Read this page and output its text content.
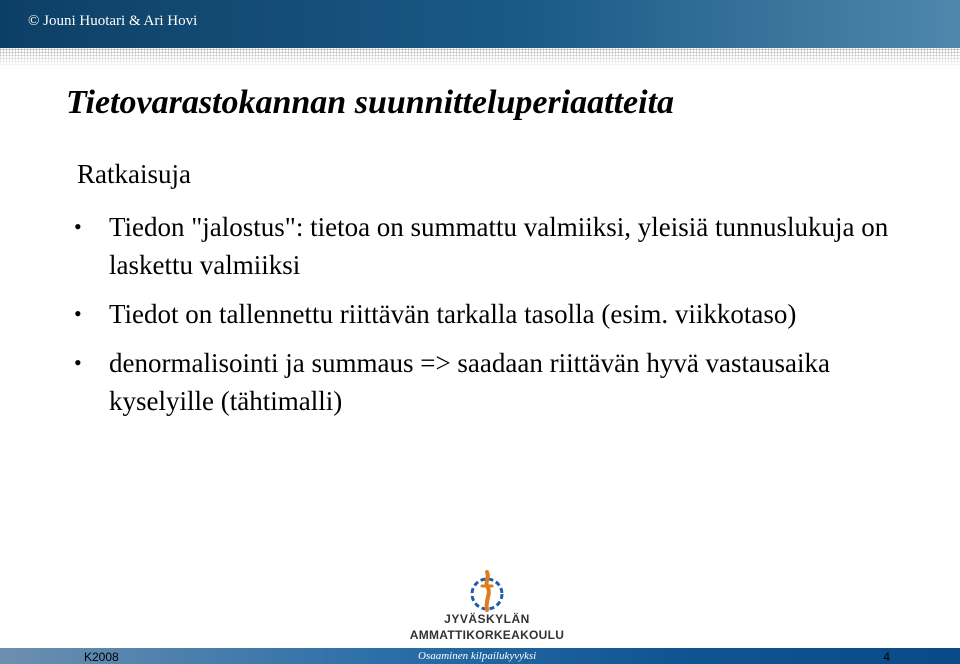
© Jouni Huotari & Ari Hovi
Tietovarastokannan suunnitteluperiaatteita
Ratkaisuja
• Tiedon "jalostus": tietoa on summattu valmiiksi, yleisiä tunnuslukuja on laskettu valmiiksi
• Tiedot on tallennettu riittävän tarkalla tasolla (esim. viikkotaso)
• denormalisointi ja summaus => saadaan riittävän hyvä vastausaika kyselyille (tähtimalli)
JYVÄSKYLÄN
AMMATTIKORKEAKOULU
K2008	Osaaminen kilpailukyvyksi	4
